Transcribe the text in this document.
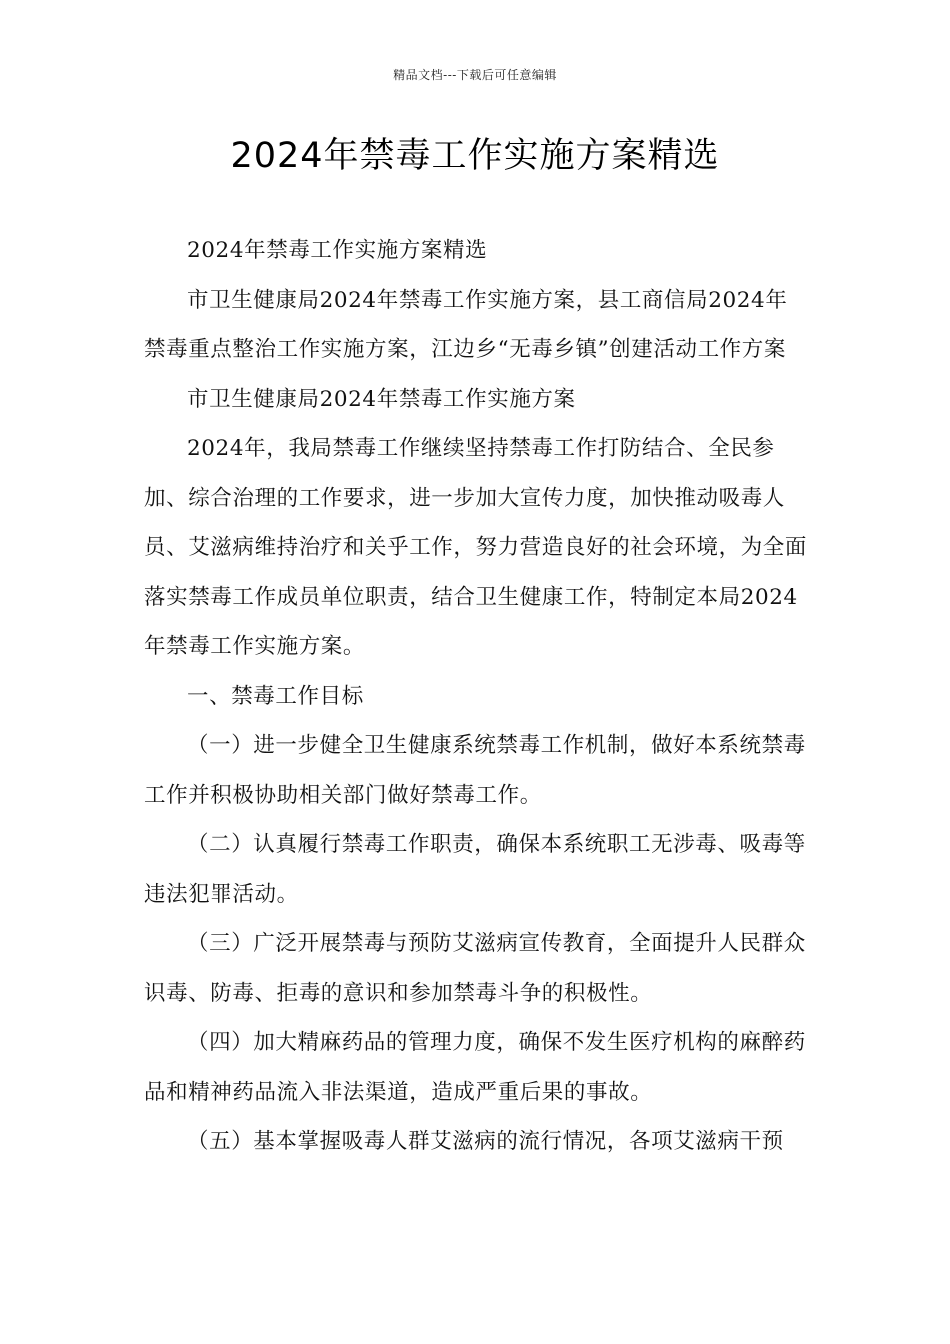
精品文档---下载后可任意编辑
2024年禁毒工作实施方案精选

2024年禁毒工作实施方案精选

市卫生健康局2024年禁毒工作实施方案，县工商信局2024年禁毒重点整治工作实施方案，江边乡“无毒乡镇”创建活动工作方案

市卫生健康局2024年禁毒工作实施方案

2024年，我局禁毒工作继续坚持禁毒工作打防结合、全民参加、综合治理的工作要求，进一步加大宣传力度，加快推动吸毒人员、艾滋病维持治疗和关乎工作，努力营造良好的社会环境，为全面落实禁毒工作成员单位职责，结合卫生健康工作，特制定本局2024年禁毒工作实施方案。

一、禁毒工作目标

（一）进一步健全卫生健康系统禁毒工作机制，做好本系统禁毒工作并积极协助相关部门做好禁毒工作。

（二）认真履行禁毒工作职责，确保本系统职工无涉毒、吸毒等违法犯罪活动。

（三）广泛开展禁毒与预防艾滋病宣传教育，全面提升人民群众识毒、防毒、拒毒的意识和参加禁毒斗争的积极性。

（四）加大精麻药品的管理力度，确保不发生医疗机构的麻醉药品和精神药品流入非法渠道，造成严重后果的事故。

（五）基本掌握吸毒人群艾滋病的流行情况，各项艾滋病干预
